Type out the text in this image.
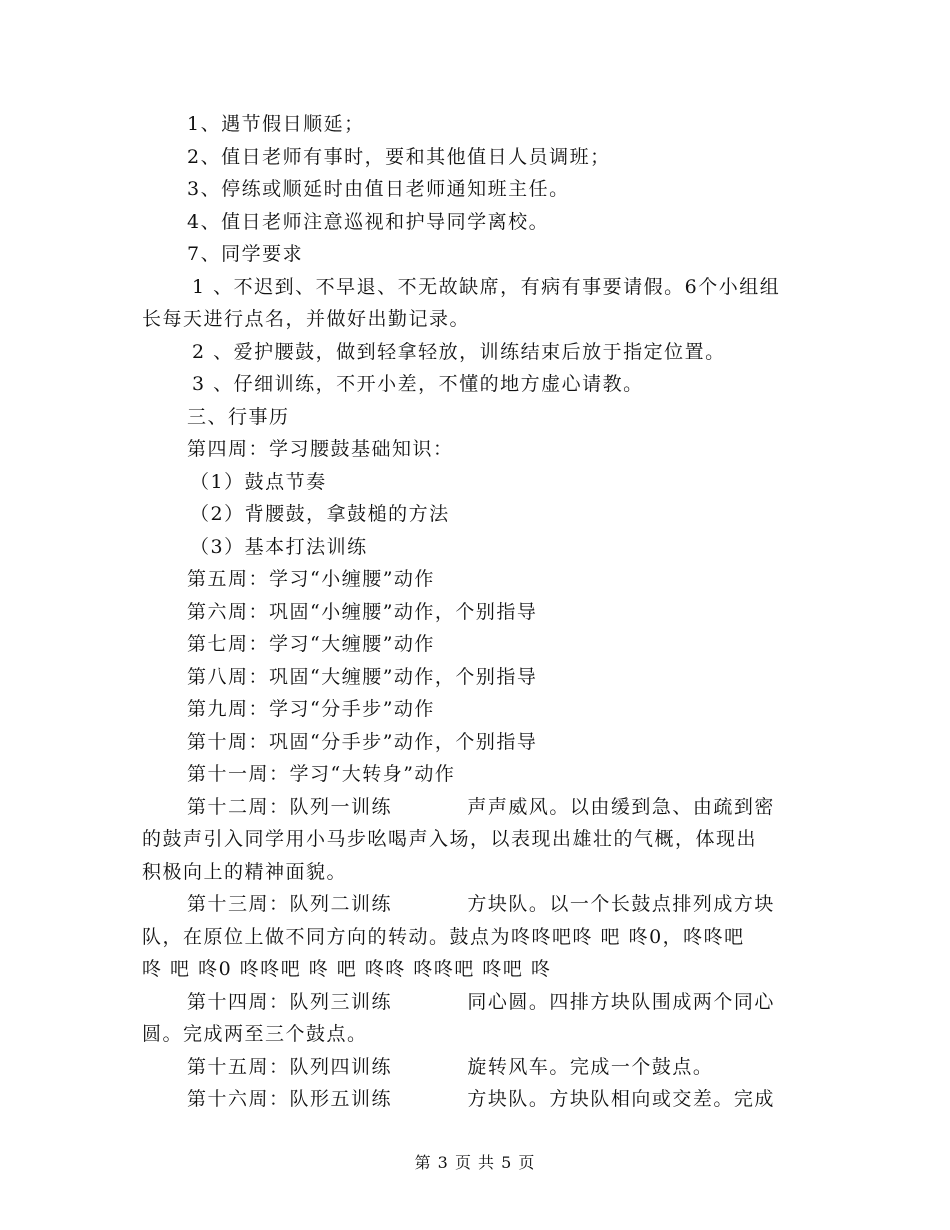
1、遇节假日顺延；
2、值日老师有事时，要和其他值日人员调班；
3、停练或顺延时由值日老师通知班主任。
4、值日老师注意巡视和护导同学离校。
7、同学要求
1 、不迟到、不早退、不无故缺席，有病有事要请假。6个小组组
长每天进行点名，并做好出勤记录。
2 、爱护腰鼓，做到轻拿轻放，训练结束后放于指定位置。
3 、仔细训练，不开小差，不懂的地方虚心请教。
三、行事历
第四周：学习腰鼓基础知识：
（1）鼓点节奏
（2）背腰鼓，拿鼓槌的方法
（3）基本打法训练
第五周：学习“小缠腰”动作
第六周：巩固“小缠腰”动作，个别指导
第七周：学习“大缠腰”动作
第八周：巩固“大缠腰”动作，个别指导
第九周：学习“分手步”动作
第十周：巩固“分手步”动作，个别指导
第十一周：学习“大转身”动作
第十二周：队列一训练          声声威风。以由缓到急、由疏到密
的鼓声引入同学用小马步吆喝声入场，以表现出雄壮的气概，体现出
积极向上的精神面貌。
第十三周：队列二训练          方块队。以一个长鼓点排列成方块
队，在原位上做不同方向的转动。鼓点为咚咚吧咚 吧 咚0，咚咚吧
咚 吧 咚0 咚咚吧 咚 吧 咚咚 咚咚吧 咚吧 咚
第十四周：队列三训练          同心圆。四排方块队围成两个同心
圆。完成两至三个鼓点。
第十五周：队列四训练          旋转风车。完成一个鼓点。
第十六周：队形五训练          方块队。方块队相向或交差。完成
第 3 页 共 5 页
